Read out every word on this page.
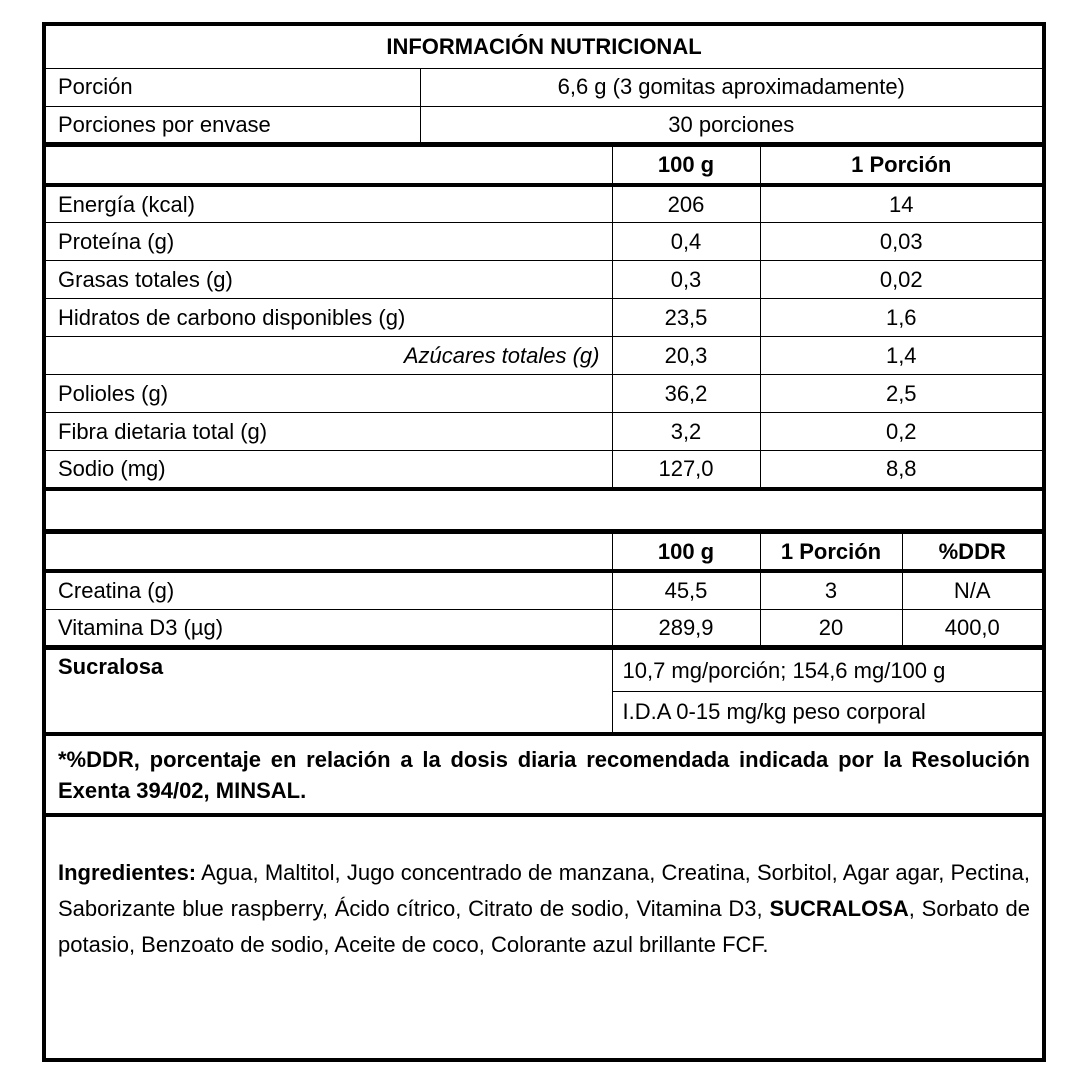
INFORMACIÓN NUTRICIONAL	
Porción	6,6 g (3 gomitas aproximadamente)
Porciones por envase	30 porciones
	100 g	1 Porción
Energía (kcal)	206	14
Proteína (g)	0,4	0,03
Grasas totales (g)	0,3	0,02
Hidratos de carbono disponibles (g)	23,5	1,6
Azúcares totales (g)	20,3	1,4
Polioles (g)	36,2	2,5
Fibra dietaria total (g)	3,2	0,2
Sodio (mg)	127,0	8,8

	100 g	1 Porción	%DDR
Creatina (g)	45,5	3	N/A
Vitamina D3 (µg)	289,9	20	400,0
Sucralosa	10,7 mg/porción; 154,6 mg/100 g
I.D.A 0-15 mg/kg peso corporal
*%DDR, porcentaje en relación a la dosis diaria recomendada indicada por la Resolución Exenta 394/02, MINSAL.
Ingredientes: Agua, Maltitol, Jugo concentrado de manzana, Creatina, Sorbitol, Agar agar, Pectina, Saborizante blue raspberry, Ácido cítrico, Citrato de sodio, Vitamina D3, SUCRALOSA, Sorbato de potasio, Benzoato de sodio, Aceite de coco, Colorante azul brillante FCF.
